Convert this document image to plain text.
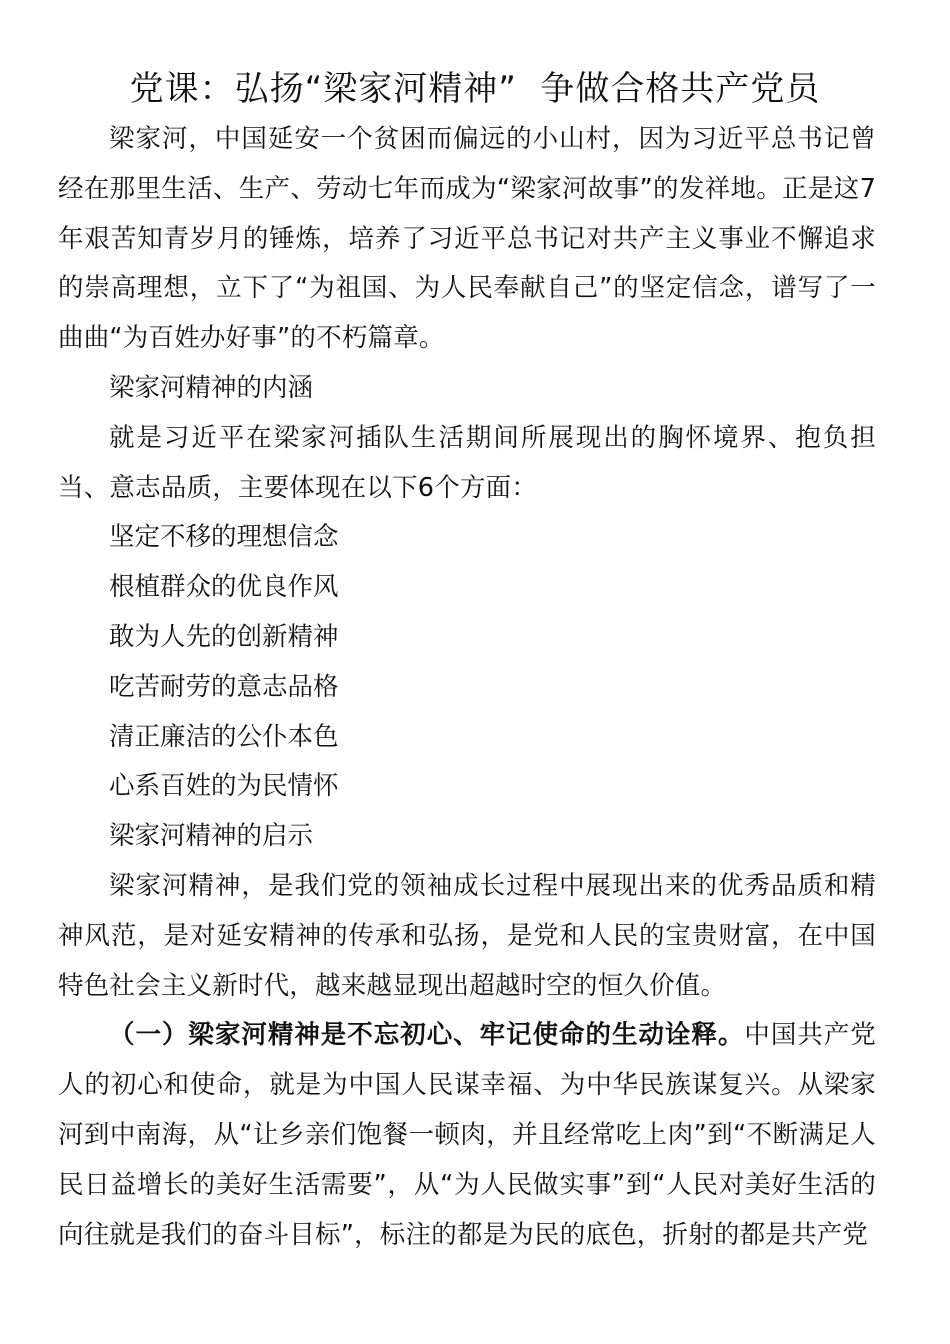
党课：弘扬“梁家河精神”  争做合格共产党员

梁家河，中国延安一个贫困而偏远的小山村，因为习近平总书记曾经在那里生活、生产、劳动七年而成为“梁家河故事”的发祥地。正是这7年艰苦知青岁月的锤炼，培养了习近平总书记对共产主义事业不懈追求的崇高理想，立下了“为祖国、为人民奉献自己”的坚定信念，谱写了一曲曲“为百姓办好事”的不朽篇章。

梁家河精神的内涵

就是习近平在梁家河插队生活期间所展现出的胸怀境界、抱负担当、意志品质，主要体现在以下6个方面：

坚定不移的理想信念

根植群众的优良作风

敢为人先的创新精神

吃苦耐劳的意志品格

清正廉洁的公仆本色

心系百姓的为民情怀

梁家河精神的启示

梁家河精神，是我们党的领袖成长过程中展现出来的优秀品质和精神风范，是对延安精神的传承和弘扬，是党和人民的宝贵财富，在中国特色社会主义新时代，越来越显现出超越时空的恒久价值。

（一）梁家河精神是不忘初心、牢记使命的生动诠释。中国共产党人的初心和使命，就是为中国人民谋幸福、为中华民族谋复兴。从梁家河到中南海，从“让乡亲们饱餐一顿肉，并且经常吃上肉”到“不断满足人民日益增长的美好生活需要”，从“为人民做实事”到“人民对美好生活的向往就是我们的奋斗目标”，标注的都是为民的底色，折射的都是共产党
